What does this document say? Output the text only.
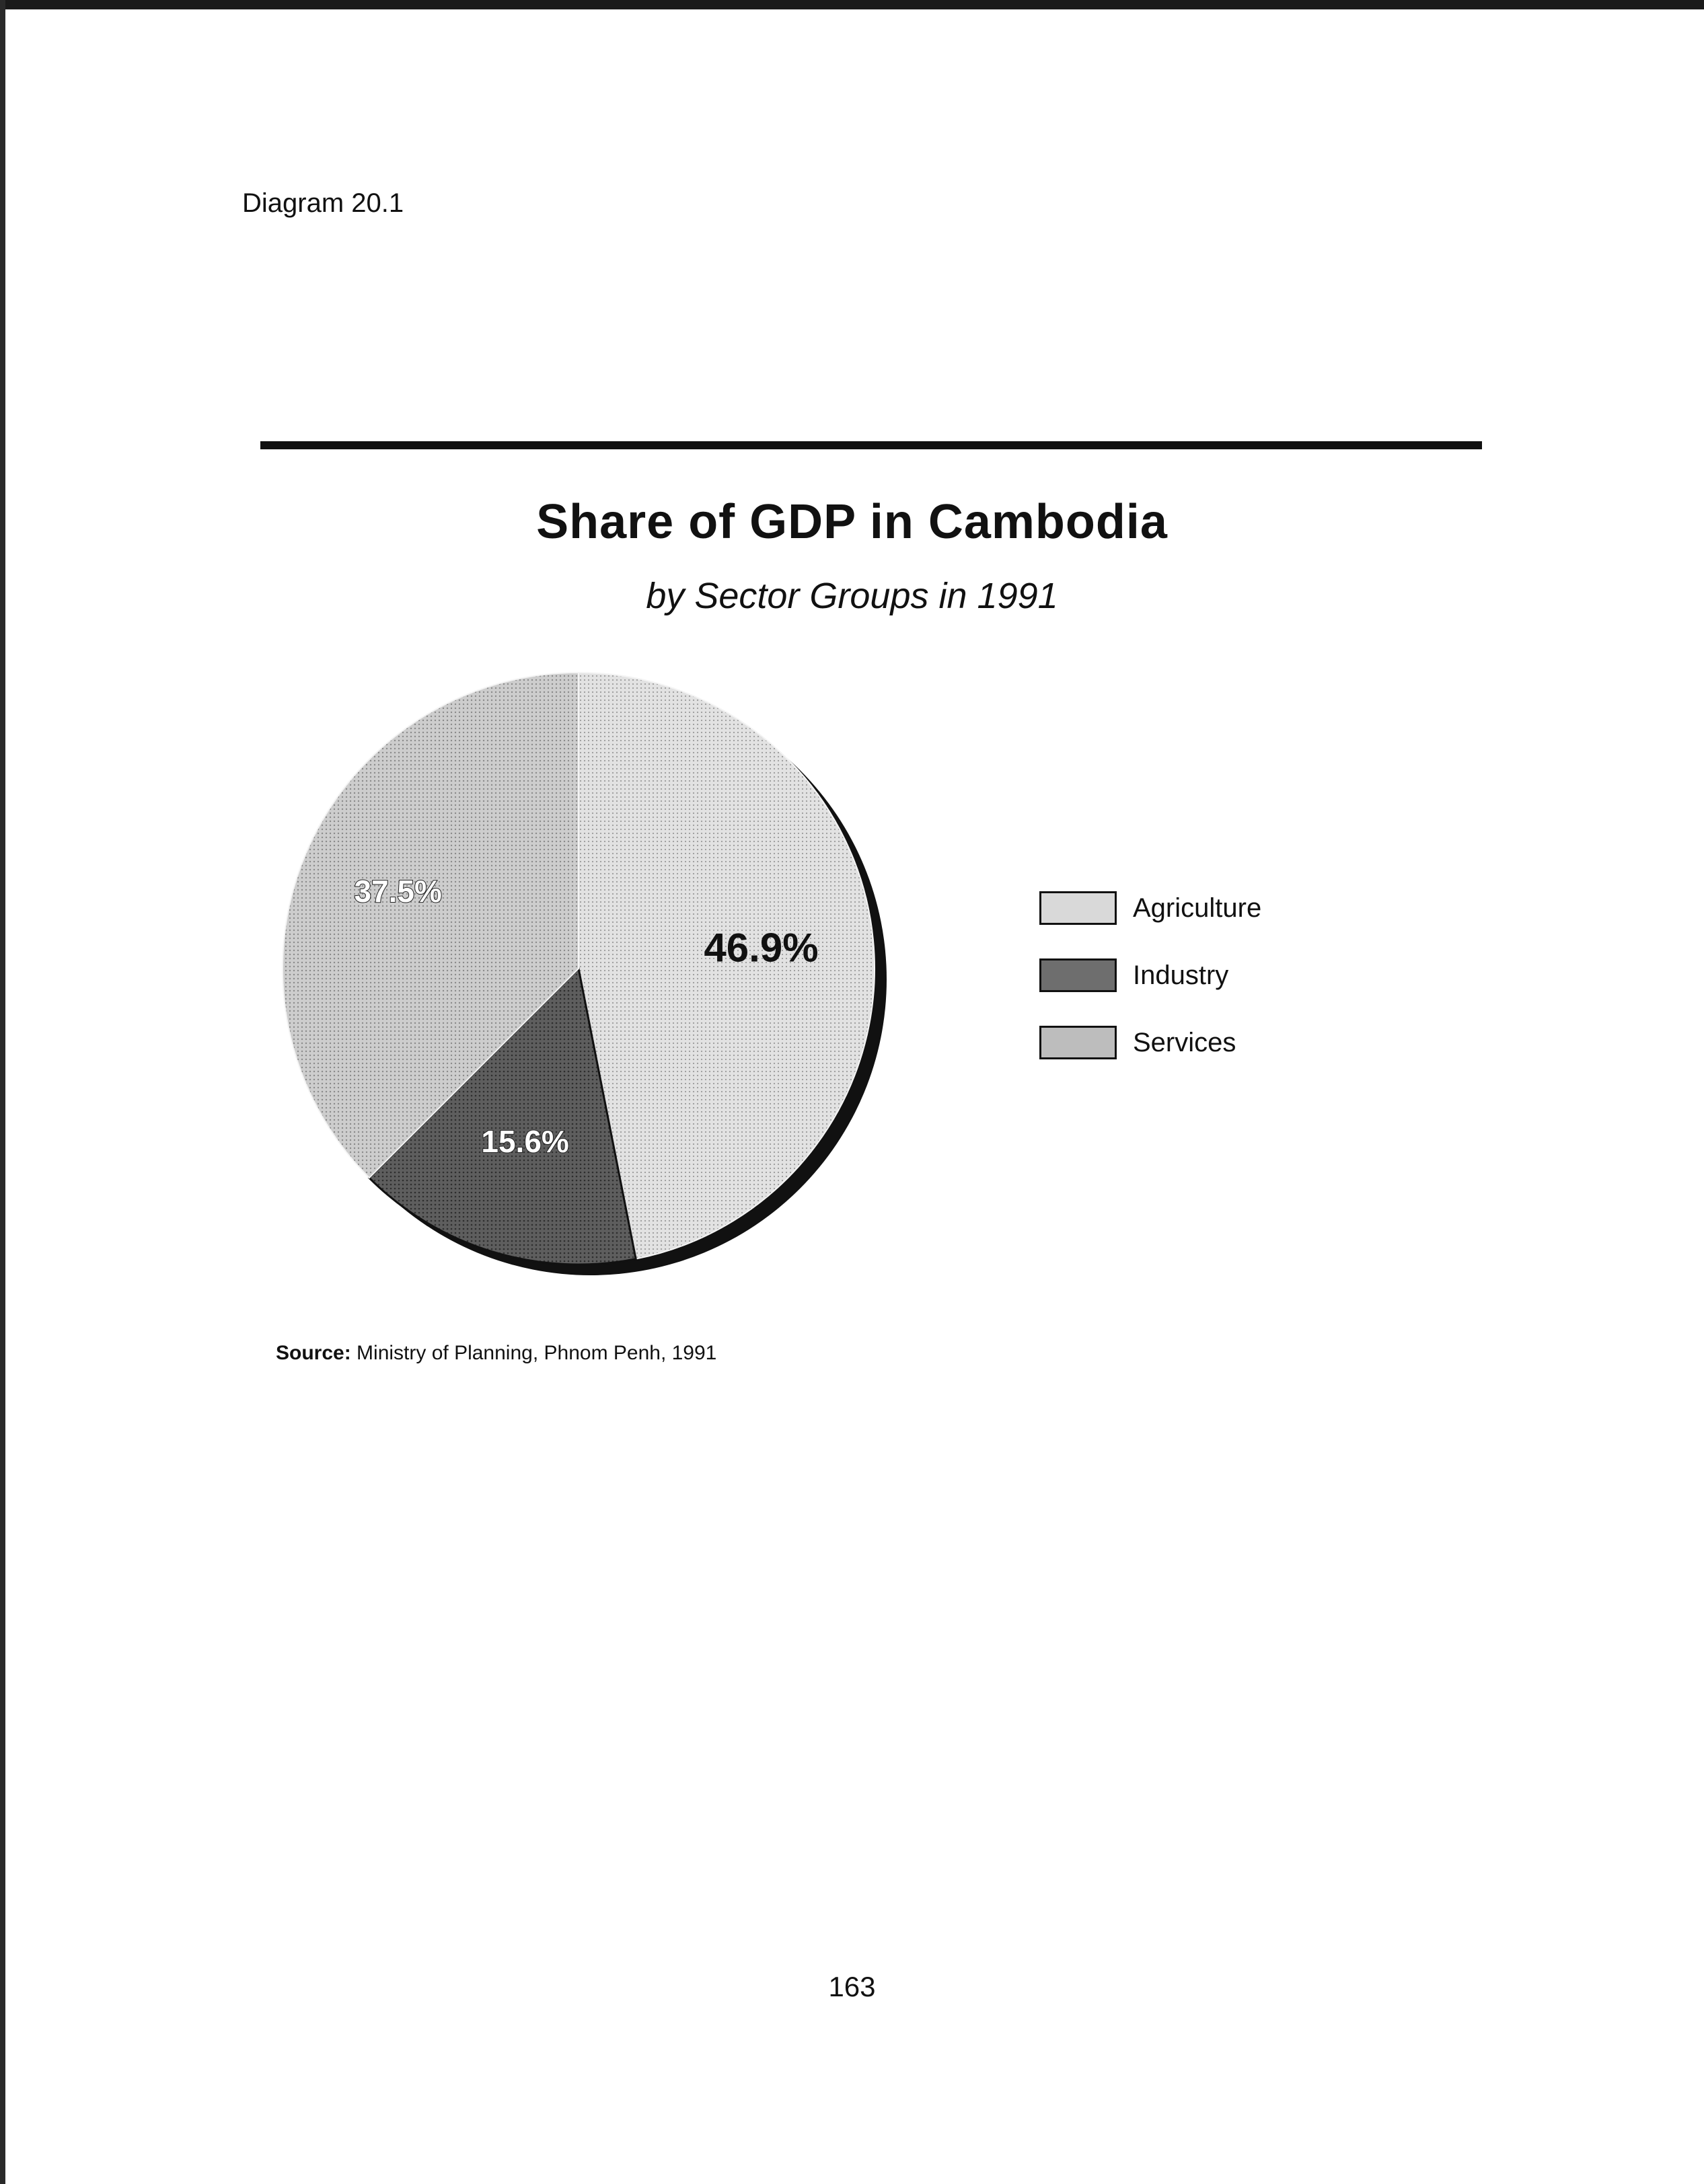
Diagram 20.1
Share of GDP in Cambodia
by Sector Groups in 1991
46.9%
15.6%
37.5%	Agriculture
Industry
Services
Source: Ministry of Planning, Phnom Penh, 1991
163
